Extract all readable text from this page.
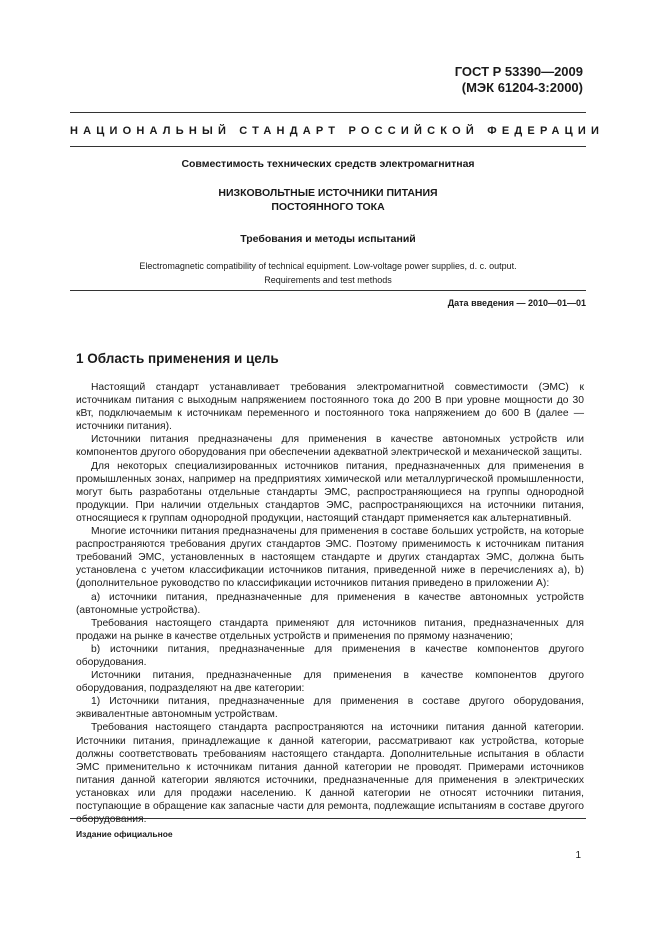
ГОСТ Р 53390—2009
(МЭК 61204-3:2000)
НАЦИОНАЛЬНЫЙ СТАНДАРТ РОССИЙСКОЙ ФЕДЕРАЦИИ
Совместимость технических средств электромагнитная
НИЗКОВОЛЬТНЫЕ ИСТОЧНИКИ ПИТАНИЯ
ПОСТОЯННОГО ТОКА
Требования и методы испытаний
Electromagnetic compatibility of technical equipment. Low-voltage power supplies, d. c. output.
Requirements and test methods
Дата введения — 2010—01—01
1 Область применения и цель

Настоящий стандарт устанавливает требования электромагнитной совместимости (ЭМС) к источникам питания с выходным напряжением постоянного тока до 200 В при уровне мощности до 30 кВт, подключаемым к источникам переменного и постоянного тока напряжением до 600 В (далее — источники питания).

Источники питания предназначены для применения в качестве автономных устройств или компонентов другого оборудования при обеспечении адекватной электрической и механической защиты.

Для некоторых специализированных источников питания, предназначенных для применения в промышленных зонах, например на предприятиях химической или металлургической промышленности, могут быть разработаны отдельные стандарты ЭМС, распространяющиеся на группы однородной продукции. При наличии отдельных стандартов ЭМС, распространяющихся на источники питания, относящиеся к группам однородной продукции, настоящий стандарт применяется как альтернативный.

Многие источники питания предназначены для применения в составе больших устройств, на которые распространяются требования других стандартов ЭМС. Поэтому применимость к источникам питания требований ЭМС, установленных в настоящем стандарте и других стандартах ЭМС, должна быть установлена с учетом классификации источников питания, приведенной ниже в перечислениях а), b) (дополнительное руководство по классификации источников питания приведено в приложении А):

а) источники питания, предназначенные для применения в качестве автономных устройств (автономные устройства).

Требования настоящего стандарта применяют для источников питания, предназначенных для продажи на рынке в качестве отдельных устройств и применения по прямому назначению;

b) источники питания, предназначенные для применения в качестве компонентов другого оборудования.

Источники питания, предназначенные для применения в качестве компонентов другого оборудования, подразделяют на две категории:

1) Источники питания, предназначенные для применения в составе другого оборудования, эквивалентные автономным устройствам.

Требования настоящего стандарта распространяются на источники питания данной категории. Источники питания, принадлежащие к данной категории, рассматривают как устройства, которые должны соответствовать требованиям настоящего стандарта. Дополнительные испытания в области ЭМС применительно к источникам питания данной категории не проводят. Примерами источников питания данной категории являются источники, предназначенные для применения в электрических установках или для продажи населению. К данной категории не относят источники питания, поступающие в обращение как запасные части для ремонта, подлежащие испытаниям в составе другого оборудования.

Издание официальное
1
